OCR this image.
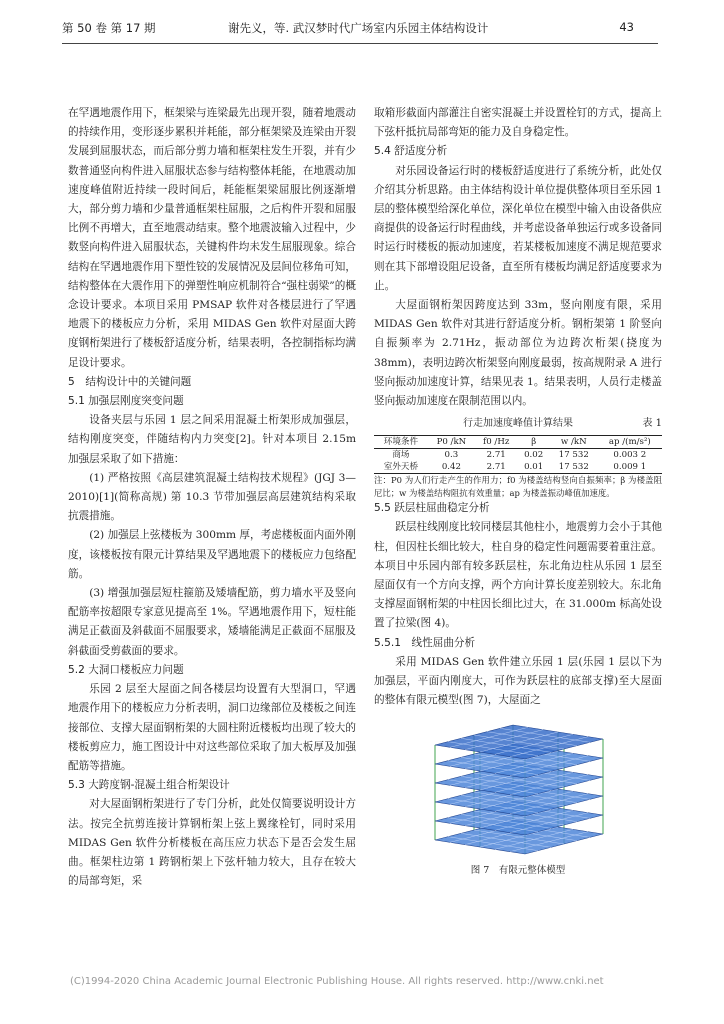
第 50 卷 第 17 期	谢先义，等. 武汉梦时代广场室内乐园主体结构设计	43

在罕遇地震作用下，框架梁与连梁最先出现开裂，随着地震动的持续作用，变形逐步累积并耗能，部分框架梁及连梁由开裂发展到屈服状态，而后部分剪力墙和框架柱发生开裂，并有少数普通竖向构件进入屈服状态参与结构整体耗能，在地震动加速度峰值附近持续一段时间后，耗能框架梁屈服比例逐渐增大，部分剪力墙和少量普通框架柱屈服，之后构件开裂和屈服比例不再增大，直至地震动结束。整个地震波输入过程中，少数竖向构件进入屈服状态，关键构件均未发生屈服现象。综合结构在罕遇地震作用下塑性铰的发展情况及层间位移角可知，结构整体在大震作用下的弹塑性响应机制符合“强柱弱梁”的概念设计要求。本项目采用 PMSAP 软件对各楼层进行了罕遇地震下的楼板应力分析，采用 MIDAS Gen 软件对屋面大跨度钢桁架进行了楼板舒适度分析，结果表明，各控制指标均满足设计要求。

5　结构设计中的关键问题

5.1 加强层刚度突变问题

设备夹层与乐园 1 层之间采用混凝土桁架形成加强层，结构刚度突变，伴随结构内力突变[2]。针对本项目 2.15m 加强层采取了如下措施：

(1) 严格按照《高层建筑混凝土结构技术规程》(JGJ 3—2010)[1](简称高规) 第 10.3 节带加强层高层建筑结构采取抗震措施。

(2) 加强层上弦楼板为 300mm 厚，考虑楼板面内面外刚度，该楼板按有限元计算结果及罕遇地震下的楼板应力包络配筋。

(3) 增强加强层短柱箍筋及矮墙配筋，剪力墙水平及竖向配筋率按超限专家意见提高至 1%。罕遇地震作用下，短柱能满足正截面及斜截面不屈服要求，矮墙能满足正截面不屈服及斜截面受剪截面的要求。

5.2 大洞口楼板应力问题

乐园 2 层至大屋面之间各楼层均设置有大型洞口，罕遇地震作用下的楼板应力分析表明，洞口边缘部位及楼板之间连接部位、支撑大屋面钢桁架的大圆柱附近楼板均出现了较大的楼板剪应力，施工图设计中对这些部位采取了加大板厚及加强配筋等措施。

5.3 大跨度钢-混凝土组合桁架设计

对大屋面钢桁架进行了专门分析，此处仅简要说明设计方法。按完全抗剪连接计算钢桁架上弦上翼缘栓钉，同时采用 MIDAS Gen 软件分析楼板在高压应力状态下是否会发生屈曲。框架柱边第 1 跨钢桁架上下弦杆轴力较大，且存在较大的局部弯矩，采

取箱形截面内部灌注自密实混凝土并设置栓钉的方式，提高上下弦杆抵抗局部弯矩的能力及自身稳定性。

5.4 舒适度分析

对乐园设备运行时的楼板舒适度进行了系统分析，此处仅介绍其分析思路。由主体结构设计单位提供整体项目至乐园 1 层的整体模型给深化单位，深化单位在模型中输入由设备供应商提供的设备运行时程曲线，并考虑设备单独运行或多设备同时运行时楼板的振动加速度，若某楼板加速度不满足规范要求则在其下部增设阻尼设备，直至所有楼板均满足舒适度要求为止。

大屋面钢桁架因跨度达到 33m，竖向刚度有限，采用 MIDAS Gen 软件对其进行舒适度分析。钢桁架第 1 阶竖向自振频率为 2.71Hz，振动部位为边跨次桁架(挠度为 38mm)，表明边跨次桁架竖向刚度最弱，按高规附录 A 进行竖向振动加速度计算，结果见表 1。结果表明，人员行走楼盖竖向振动加速度在限制范围以内。

行走加速度峰值计算结果	表 1
环境条件	P0 /kN	f0 /Hz	β	w /kN	ap /(m/s²)
商场	0.3	2.71	0.02	17 532	0.003 2
室外天桥	0.42	2.71	0.01	17 532	0.009 1

注：P0 为人们行走产生的作用力；f0 为楼盖结构竖向自振频率；β 为楼盖阻尼比；w 为楼盖结构阻抗有效重量；ap 为楼盖振动峰值加速度。

5.5 跃层柱屈曲稳定分析

跃层柱线刚度比较同楼层其他柱小，地震剪力会小于其他柱，但因柱长细比较大，柱自身的稳定性问题需要着重注意。本项目中乐园内部有较多跃层柱，东北角边柱从乐园 1 层至屋面仅有一个方向支撑，两个方向计算长度差别较大。东北角支撑屋面钢桁架的中柱因长细比过大，在 31.000m 标高处设置了拉梁(图 4)。

5.5.1　线性屈曲分析

采用 MIDAS Gen 软件建立乐园 1 层(乐园 1 层以下为加强层，平面内刚度大，可作为跃层柱的底部支撑)至大屋面的整体有限元模型(图 7)，大屋面之

图 7　有限元整体模型
(C)1994-2020 China Academic Journal Electronic Publishing House. All rights reserved. http://www.cnki.net
